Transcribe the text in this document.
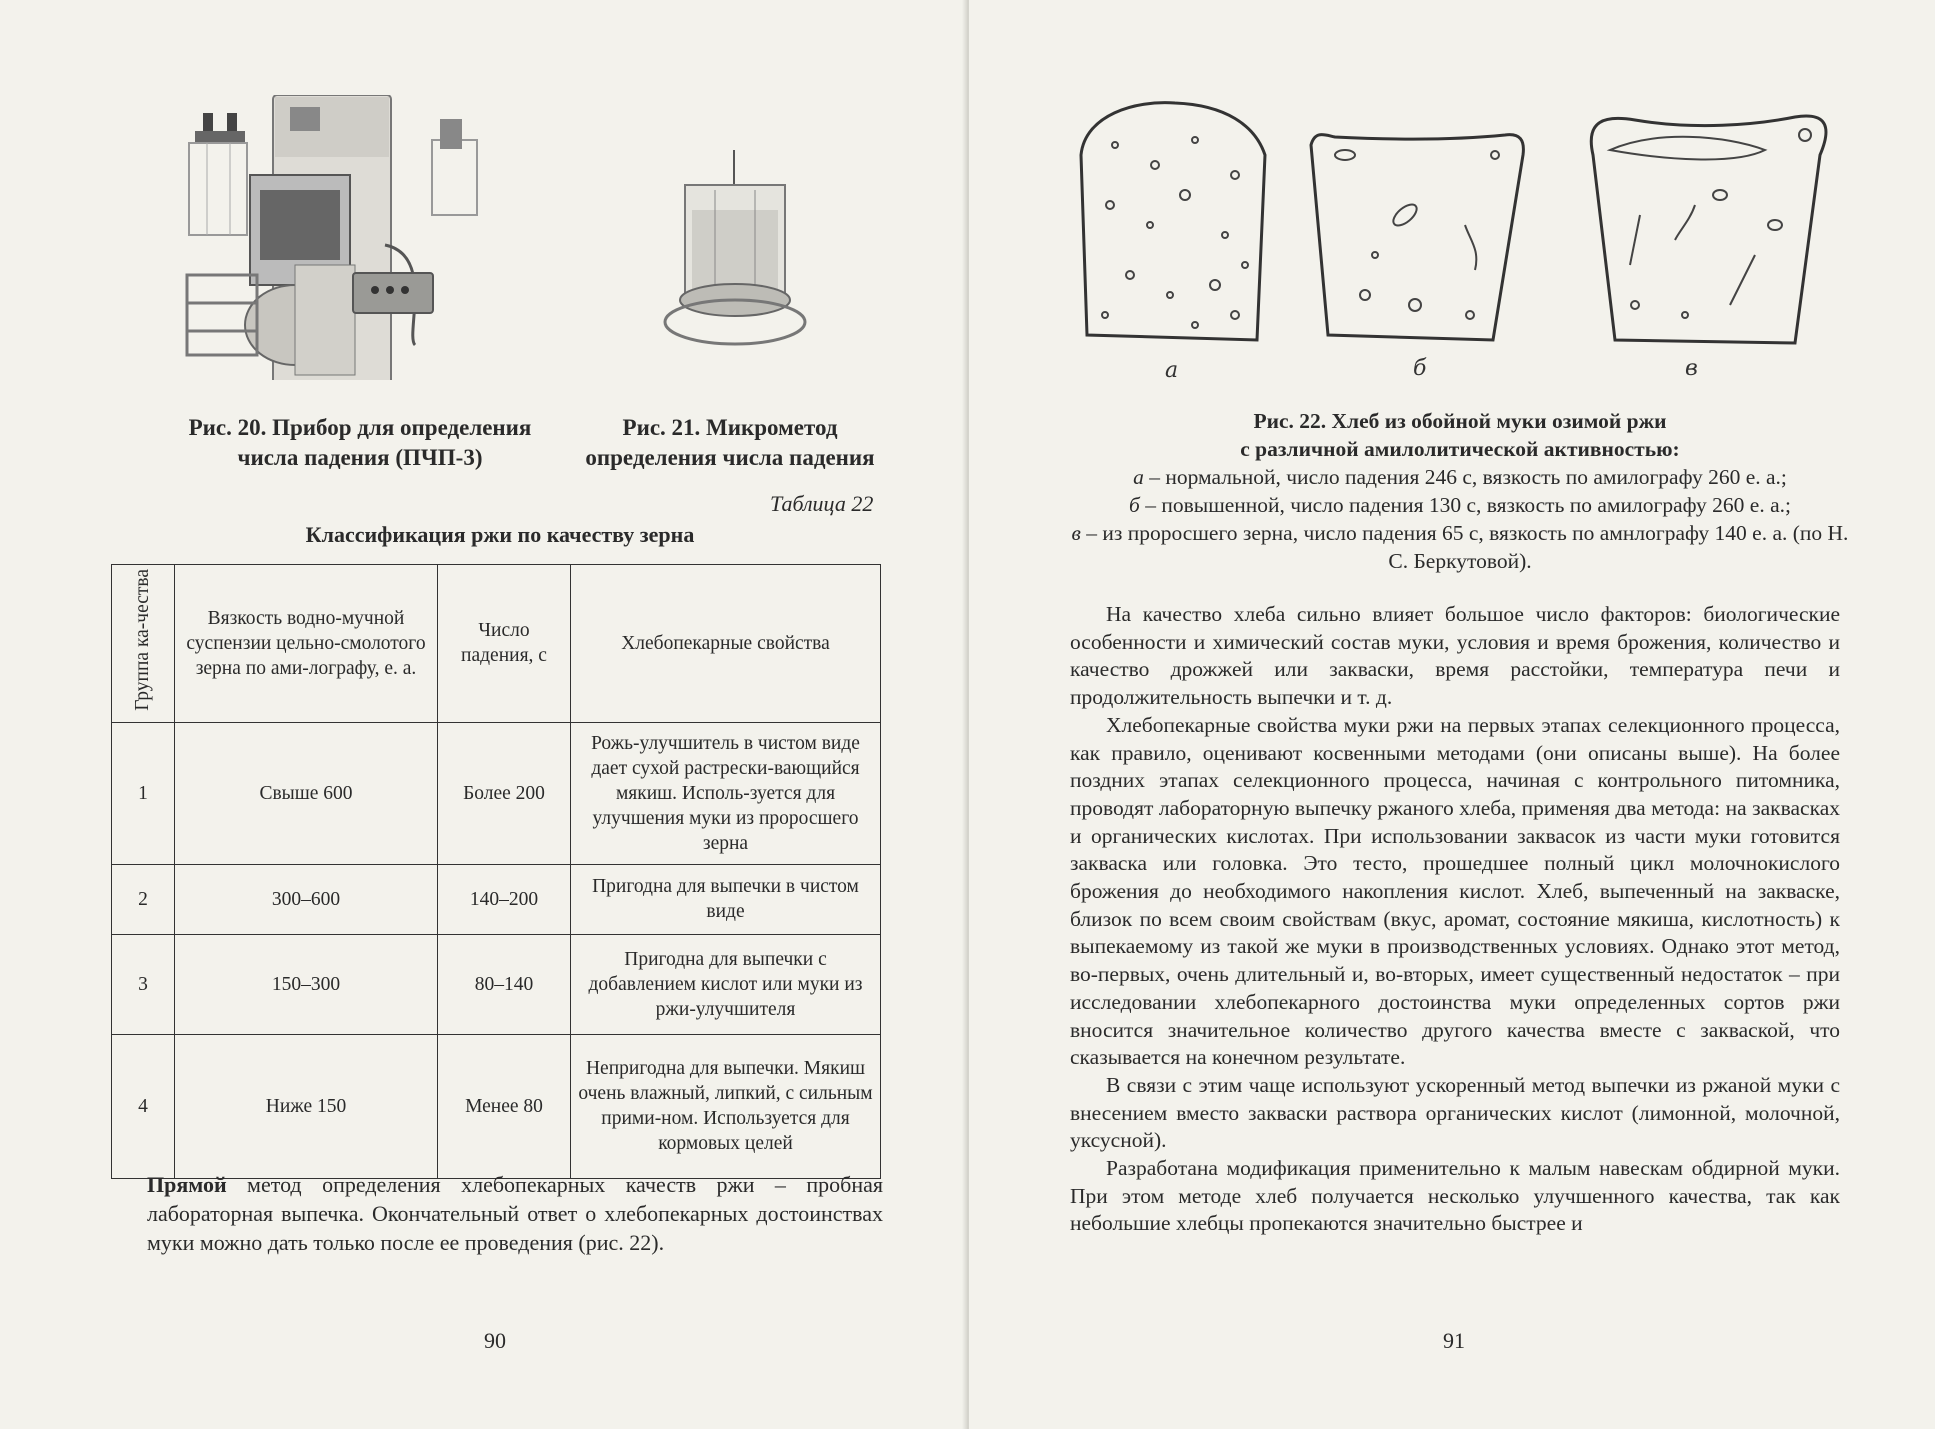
Рис. 20. Прибор для определения
числа падения (ПЧП-3)
Рис. 21. Микрометод
определения числа падения
Таблица 22
Классификация ржи по качеству зерна
Группа ка-чества	Вязкость водно-мучной суспензии цельно-смолотого зерна по ами-лографу, е. а.	Число падения, с	Хлебопекарные свойства
1	Свыше 600	Более 200	Рожь-улучшитель в чистом виде дает сухой растрески-вающийся мякиш. Исполь-зуется для улучшения муки из проросшего зерна
2	300–600	140–200	Пригодна для выпечки в чистом виде
3	150–300	80–140	Пригодна для выпечки с добавлением кислот или муки из ржи-улучшителя
4	Ниже 150	Менее 80	Непригодна для выпечки. Мякиш очень влажный, липкий, с сильным прими-ном. Используется для кормовых целей
Прямой метод определения хлебопекарных качеств ржи – пробная лабораторная выпечка. Окончательный ответ о хлебопекарных достоинствах муки можно дать только после ее проведения (рис. 22).
90
а	б	в
Рис. 22. Хлеб из обойной муки озимой ржи
с различной амилолитической активностью:
а – нормальной, число падения 246 с, вязкость по амилографу 260 е. а.;
б – повышенной, число падения 130 с, вязкость по амилографу 260 е. а.;
в – из проросшего зерна, число падения 65 с, вязкость по амнлографу 140 е. а. (по Н. С. Беркутовой).

На качество хлеба сильно влияет большое число факторов: биологические особенности и химический состав муки, условия и время брожения, количество и качество дрожжей или закваски, время расстойки, температура печи и продолжительность выпечки и т. д.

Хлебопекарные свойства муки ржи на первых этапах селекционного процесса, как правило, оценивают косвенными методами (они описаны выше). На более поздних этапах селекционного процесса, начиная с контрольного питомника, проводят лабораторную выпечку ржаного хлеба, применяя два метода: на заквасках и органических кислотах. При использовании заквасок из части муки готовится закваска или головка. Это тесто, прошедшее полный цикл молочнокислого брожения до необходимого накопления кислот. Хлеб, выпеченный на закваске, близок по всем своим свойствам (вкус, аромат, состояние мякиша, кислотность) к выпекаемому из такой же муки в производственных условиях. Однако этот метод, во-первых, очень длительный и, во-вторых, имеет существенный недостаток – при исследовании хлебопекарного достоинства муки определенных сортов ржи вносится значительное количество другого качества вместе с закваской, что сказывается на конечном результате.

В связи с этим чаще используют ускоренный метод выпечки из ржаной муки с внесением вместо закваски раствора органических кислот (лимонной, молочной, уксусной).

Разработана модификация применительно к малым навескам обдирной муки. При этом методе хлеб получается несколько улучшенного качества, так как небольшие хлебцы пропекаются значительно быстрее и

91
